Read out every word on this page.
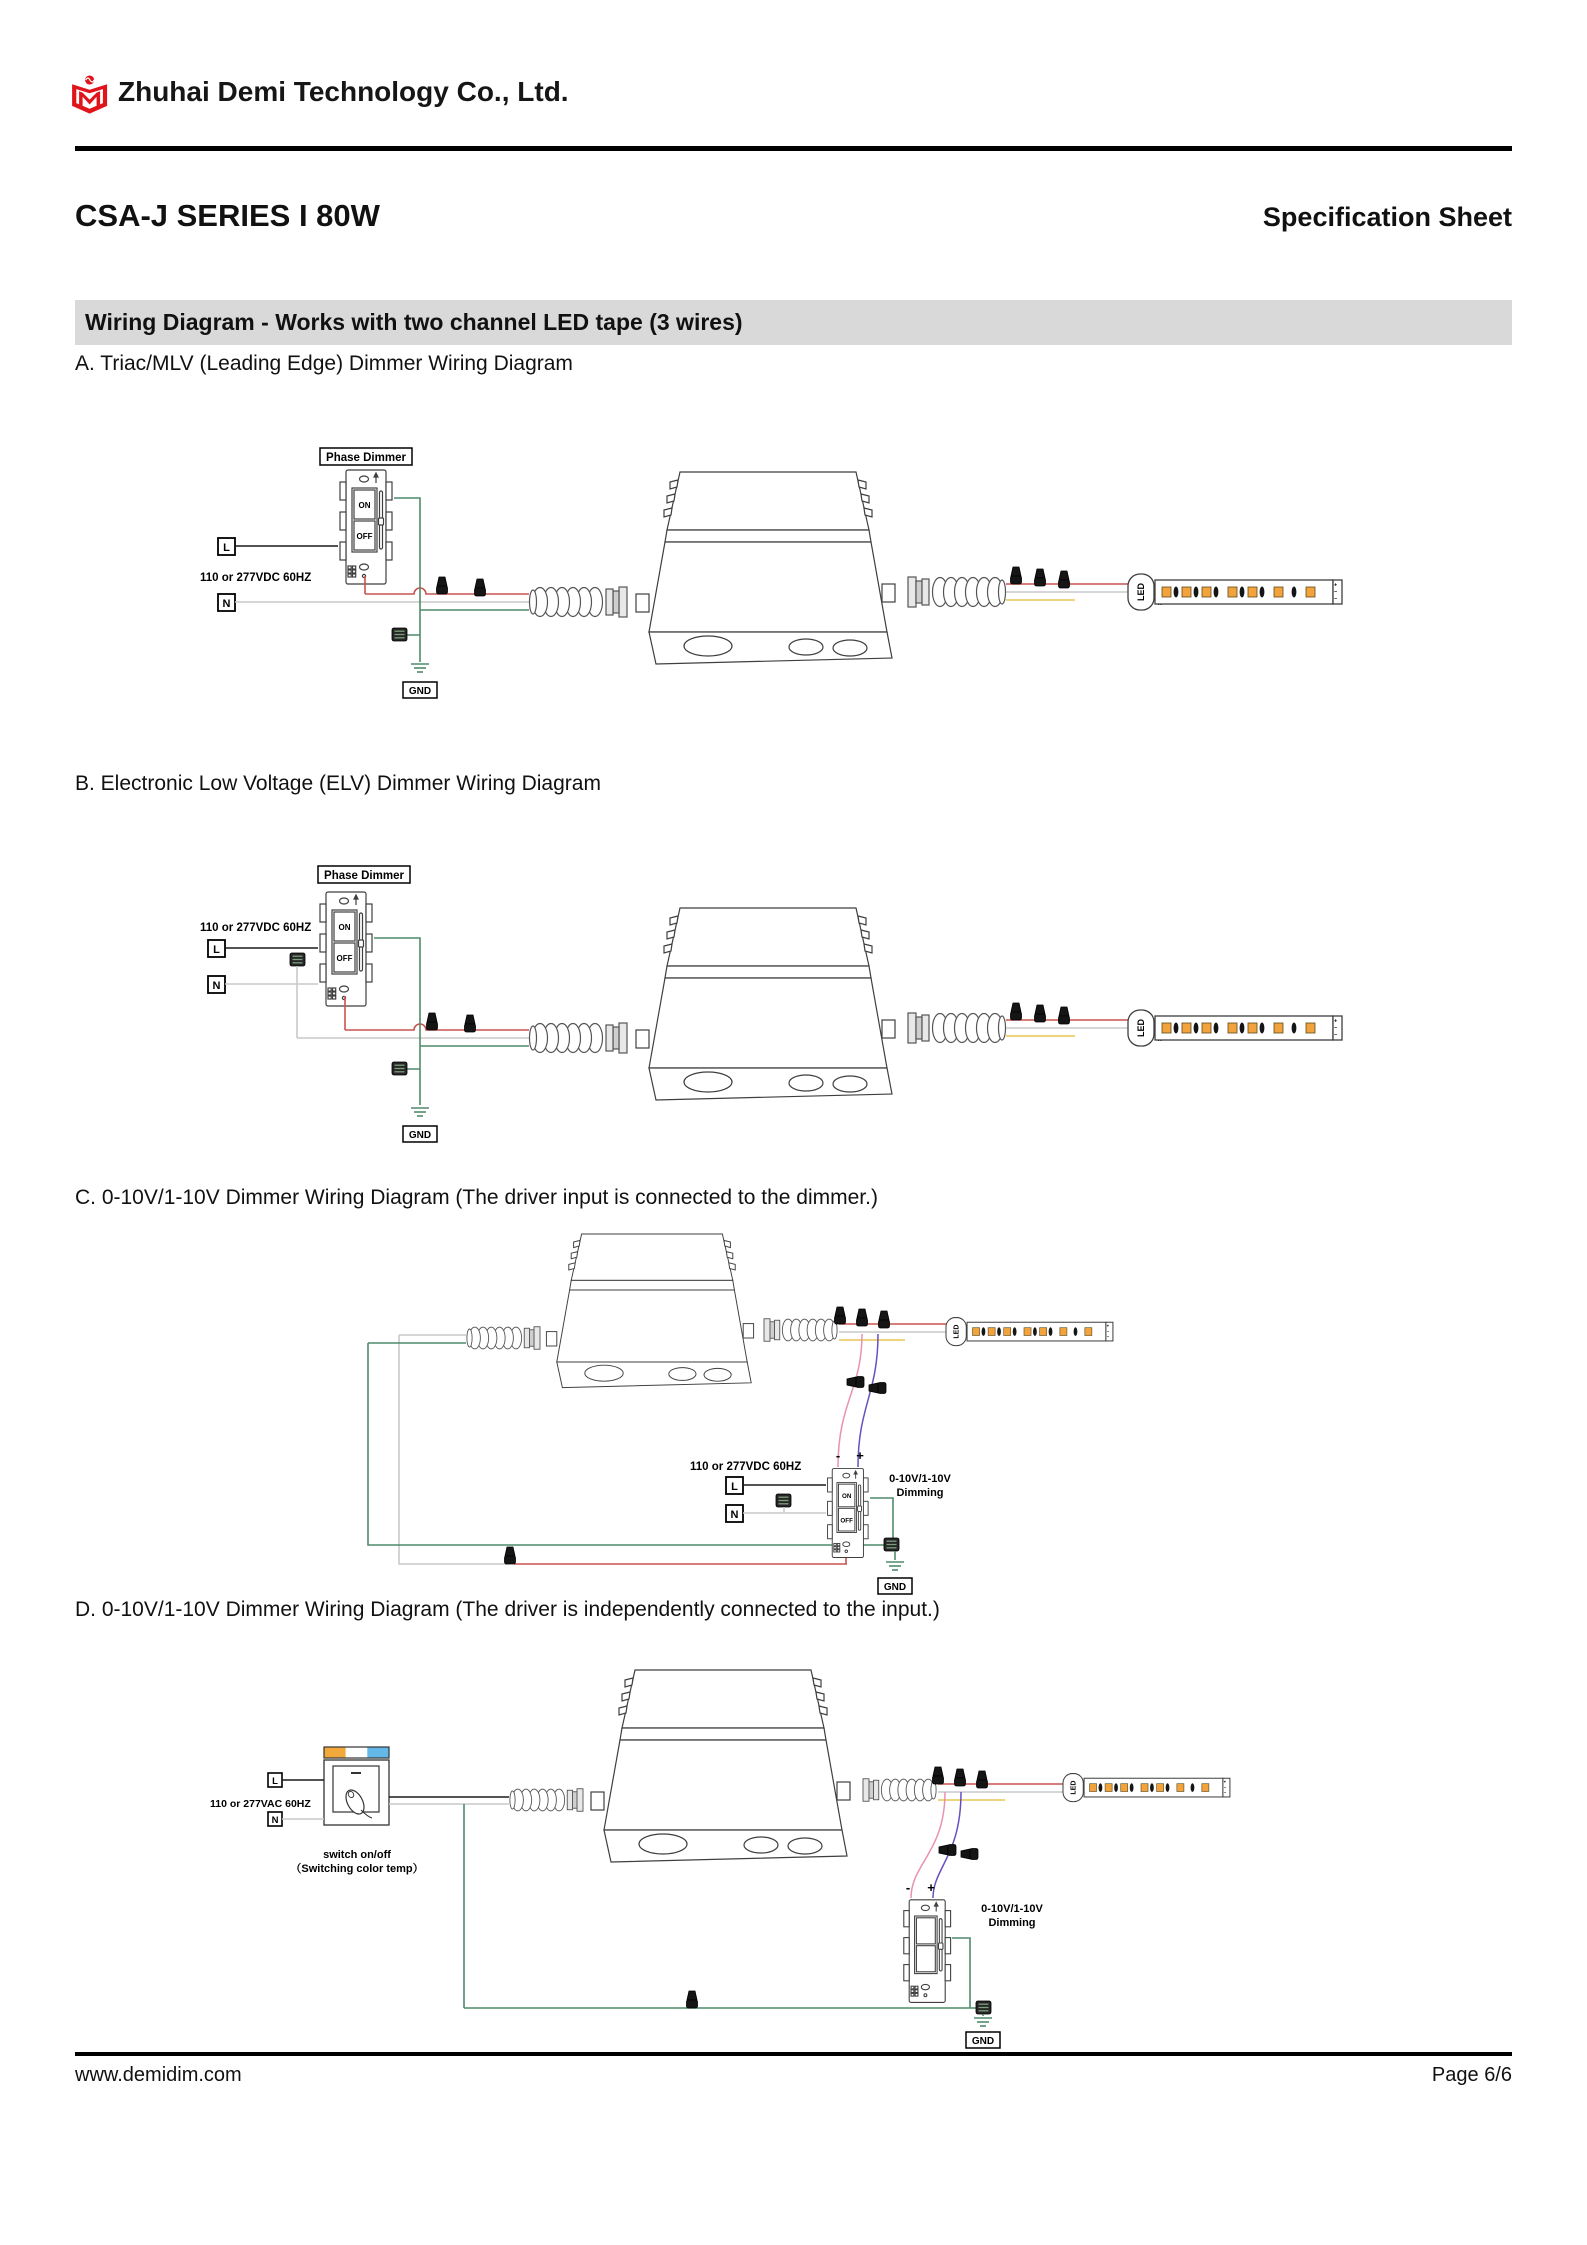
Zhuhai Demi Technology Co., Ltd.
CSA-J SERIES I 80W	Specification Sheet
Wiring Diagram - Works with two channel LED tape (3 wires)
A. Triac/MLV (Leading Edge) Dimmer Wiring Diagram
B. Electronic Low Voltage (ELV) Dimmer Wiring Diagram
C. 0-10V/1-10V Dimmer Wiring Diagram (The driver input is connected to the dimmer.)
D. 0-10V/1-10V Dimmer Wiring Diagram (The driver is independently connected to the input.)
Phase Dimmer
L
110 or 277VDC 60HZ
N
GND
Phase Dimmer
110 or 277VDC 60HZ
L
N
GND
110 or 277VDC 60HZ
L
N
- +
0-10V/1-10V
Dimming
GND
switch on/off
（Switching color temp）
L
110 or 277VAC 60HZ
N
- +
0-10V/1-10V
Dimming
GND
www.demidim.com	Page 6/6
